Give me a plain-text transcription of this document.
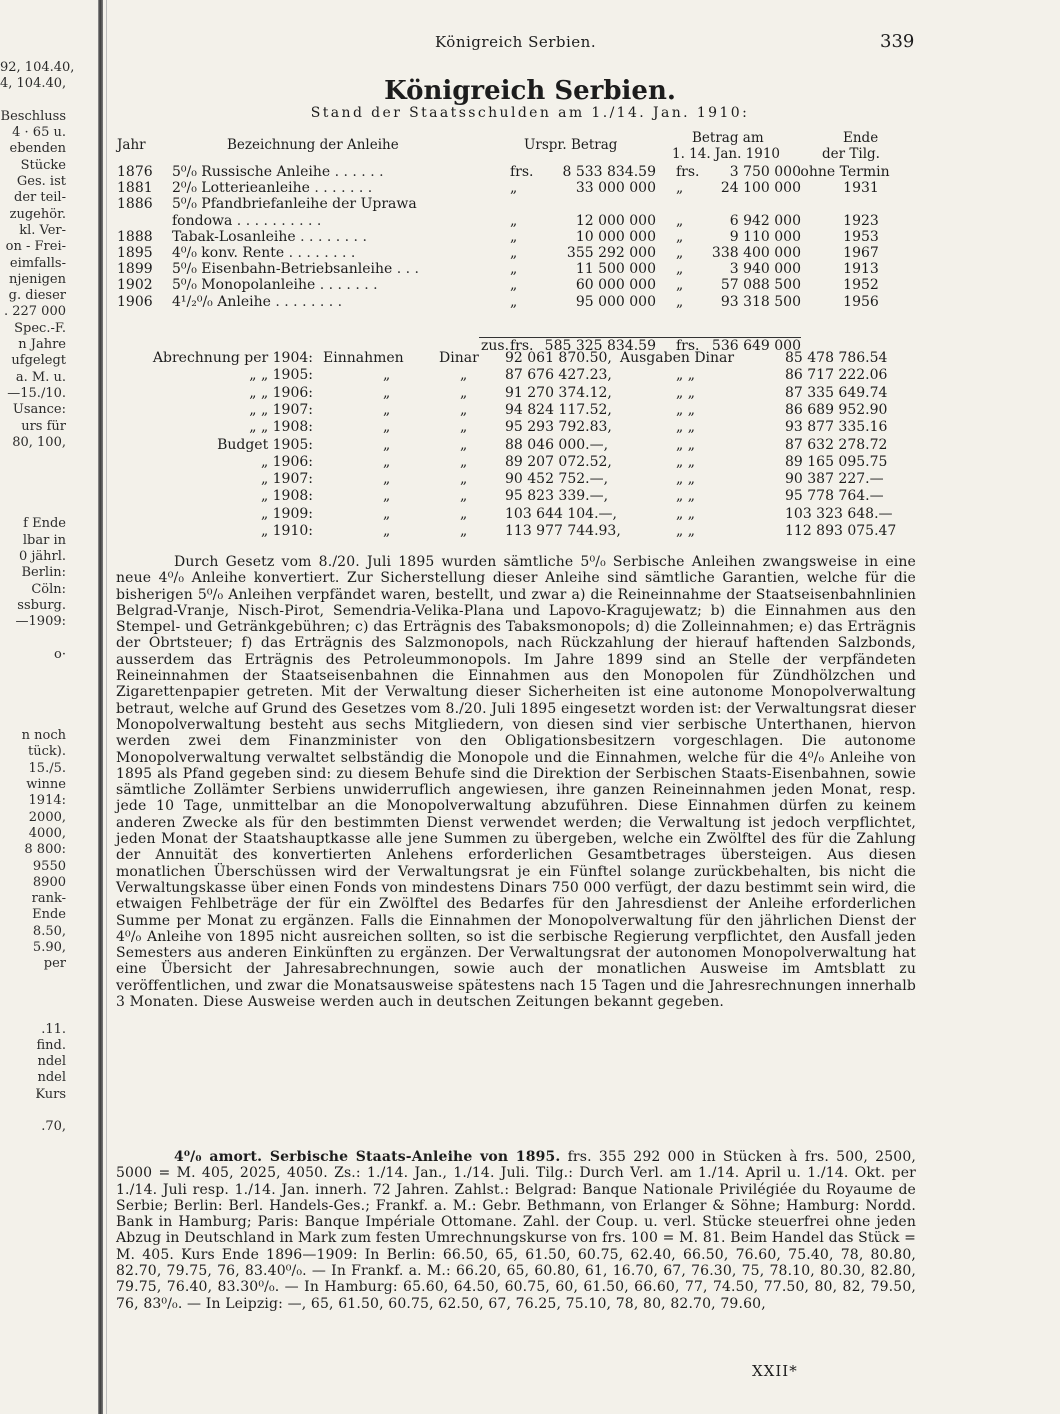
92, 104.40,
4, 104.40,
Beschluss
4 · 65 u.
ebenden
Stücke
Ges. ist
der teil-
zugehör.
kl. Ver-
on - Frei-
eimfalls-
njenigen
g. dieser
. 227 000
Spec.-F.
n Jahre
ufgelegt
a. M. u.
—15./10.
Usance:
urs für
80, 100,
f Ende
lbar in
0 jährl.
Berlin:
Cöln:
ssburg.
—1909:
o·
n noch
tück).
15./5.
winne
1914:
2000,
4000,
8 800:
9550
8900
rank-
Ende
8.50,
5.90,
per
.11.
find.
ndel
ndel
Kurs
.70,
Königreich Serbien.	339
Königreich Serbien.
Stand der Staatsschulden am 1./14. Jan. 1910:
Jahr	Bezeichnung der Anleihe	Urspr. Betrag	Betrag am
1. 14. Jan. 1910
Ende
der Tilg.
1876 5⁰/₀ Russische Anleihe . . . . . .	frs.	8 533 834.59 frs.	3 750 000 ohne Termin
1881 2⁰/₀ Lotterieanleihe . . . . . . .	„	33 000 000 „	24 100 000	1931
1886 5⁰/₀ Pfandbriefanleihe der Uprawa
fondowa . . . . . . . . . .	„	12 000 000 „	6 942 000	1923
1888 Tabak-Losanleihe . . . . . . . .	„	10 000 000 „	9 110 000	1953
1895 4⁰/₀ konv. Rente . . . . . . . .	„	355 292 000 „	338 400 000	1967
1899 5⁰/₀ Eisenbahn-Betriebsanleihe . . .	„	11 500 000 „	3 940 000	1913
1902 5⁰/₀ Monopolanleihe . . . . . . .	„	60 000 000 „	57 088 500	1952
1906 4¹/₂⁰/₀ Anleihe . . . . . . . .	„	95 000 000 „	93 318 500	1956
zus. frs. 585 325 834.59 frs. 536 649 000
Abrechnung per 1904: Einnahmen	Dinar 92 061 870.50, Ausgaben Dinar	85 478 786.54
„ „ 1905:	„	„	87 676 427.23,	„ „	86 717 222.06
„ „ 1906:	„	„	91 270 374.12,	„ „	87 335 649.74
„ „ 1907:	„	„	94 824 117.52,	„ „	86 689 952.90
„ „ 1908:	„	„	95 293 792.83,	„ „	93 877 335.16
Budget 1905:	„	„	88 046 000.—,	„ „	87 632 278.72
„ 1906:	„	„	89 207 072.52,	„ „	89 165 095.75
„ 1907:	„	„	90 452 752.—,	„ „	90 387 227.—
„ 1908:	„	„	95 823 339.—,	„ „	95 778 764.—
„ 1909:	„	„	103 644 104.—,	„ „	103 323 648.—
„ 1910:	„	„	113 977 744.93,	„ „	112 893 075.47
Durch Gesetz vom 8./20. Juli 1895 wurden sämtliche 5⁰/₀ Serbische Anleihen zwangsweise in eine neue 4⁰/₀ Anleihe konvertiert. Zur Sicherstellung dieser Anleihe sind sämtliche Garantien, welche für die bisherigen 5⁰/₀ Anleihen verpfändet waren, bestellt, und zwar a) die Reineinnahme der Staatseisenbahnlinien Belgrad-Vranje, Nisch-Pirot, Semendria-Velika-Plana und Lapovo-Kragujewatz; b) die Einnahmen aus den Stempel- und Getränkgebühren; c) das Erträgnis des Tabaksmonopols; d) die Zolleinnahmen; e) das Erträgnis der Obrtsteuer; f) das Erträgnis des Salzmonopols, nach Rückzahlung der hierauf haftenden Salzbonds, ausserdem das Erträgnis des Petroleummonopols. Im Jahre 1899 sind an Stelle der verpfändeten Reineinnahmen der Staatseisenbahnen die Einnahmen aus den Monopolen für Zündhölzchen und Zigarettenpapier getreten. Mit der Verwaltung dieser Sicherheiten ist eine autonome Monopolverwaltung betraut, welche auf Grund des Gesetzes vom 8./20. Juli 1895 eingesetzt worden ist: der Verwaltungsrat dieser Monopolverwaltung besteht aus sechs Mitgliedern, von diesen sind vier serbische Unterthanen, hiervon werden zwei dem Finanzminister von den Obligationsbesitzern vorgeschlagen. Die autonome Monopolverwaltung verwaltet selbständig die Monopole und die Einnahmen, welche für die 4⁰/₀ Anleihe von 1895 als Pfand gegeben sind: zu diesem Behufe sind die Direktion der Serbischen Staats-Eisenbahnen, sowie sämtliche Zollämter Serbiens unwiderruflich angewiesen, ihre ganzen Reineinnahmen jeden Monat, resp. jede 10 Tage, unmittelbar an die Monopolverwaltung abzuführen. Diese Einnahmen dürfen zu keinem anderen Zwecke als für den bestimmten Dienst verwendet werden; die Verwaltung ist jedoch verpflichtet, jeden Monat der Staatshauptkasse alle jene Summen zu übergeben, welche ein Zwölftel des für die Zahlung der Annuität des konvertierten Anlehens erforderlichen Gesamtbetrages übersteigen. Aus diesen monatlichen Überschüssen wird der Verwaltungsrat je ein Fünftel solange zurückbehalten, bis nicht die Verwaltungskasse über einen Fonds von mindestens Dinars 750 000 verfügt, der dazu bestimmt sein wird, die etwaigen Fehlbeträge der für ein Zwölftel des Bedarfes für den Jahresdienst der Anleihe erforderlichen Summe per Monat zu ergänzen. Falls die Einnahmen der Monopolverwaltung für den jährlichen Dienst der 4⁰/₀ Anleihe von 1895 nicht ausreichen sollten, so ist die serbische Regierung verpflichtet, den Ausfall jeden Semesters aus anderen Einkünften zu ergänzen. Der Verwaltungsrat der autonomen Monopolverwaltung hat eine Übersicht der Jahresabrechnungen, sowie auch der monatlichen Ausweise im Amtsblatt zu veröffentlichen, und zwar die Monatsausweise spätestens nach 15 Tagen und die Jahresrechnungen innerhalb 3 Monaten. Diese Ausweise werden auch in deutschen Zeitungen bekannt gegeben.
4⁰/₀ amort. Serbische Staats-Anleihe von 1895. frs. 355 292 000 in Stücken à frs. 500, 2500, 5000 = M. 405, 2025, 4050. Zs.: 1./14. Jan., 1./14. Juli. Tilg.: Durch Verl. am 1./14. April u. 1./14. Okt. per 1./14. Juli resp. 1./14. Jan. innerh. 72 Jahren. Zahlst.: Belgrad: Banque Nationale Privilégiée du Royaume de Serbie; Berlin: Berl. Handels-Ges.; Frankf. a. M.: Gebr. Bethmann, von Erlanger & Söhne; Hamburg: Nordd. Bank in Hamburg; Paris: Banque Impériale Ottomane. Zahl. der Coup. u. verl. Stücke steuerfrei ohne jeden Abzug in Deutschland in Mark zum festen Umrechnungskurse von frs. 100 = M. 81. Beim Handel das Stück = M. 405. Kurs Ende 1896—1909: In Berlin: 66.50, 65, 61.50, 60.75, 62.40, 66.50, 76.60, 75.40, 78, 80.80, 82.70, 79.75, 76, 83.40⁰/₀. — In Frankf. a. M.: 66.20, 65, 60.80, 61, 16.70, 67, 76.30, 75, 78.10, 80.30, 82.80, 79.75, 76.40, 83.30⁰/₀. — In Hamburg: 65.60, 64.50, 60.75, 60, 61.50, 66.60, 77, 74.50, 77.50, 80, 82, 79.50, 76, 83⁰/₀. — In Leipzig: —, 65, 61.50, 60.75, 62.50, 67, 76.25, 75.10, 78, 80, 82.70, 79.60,
XXII*
